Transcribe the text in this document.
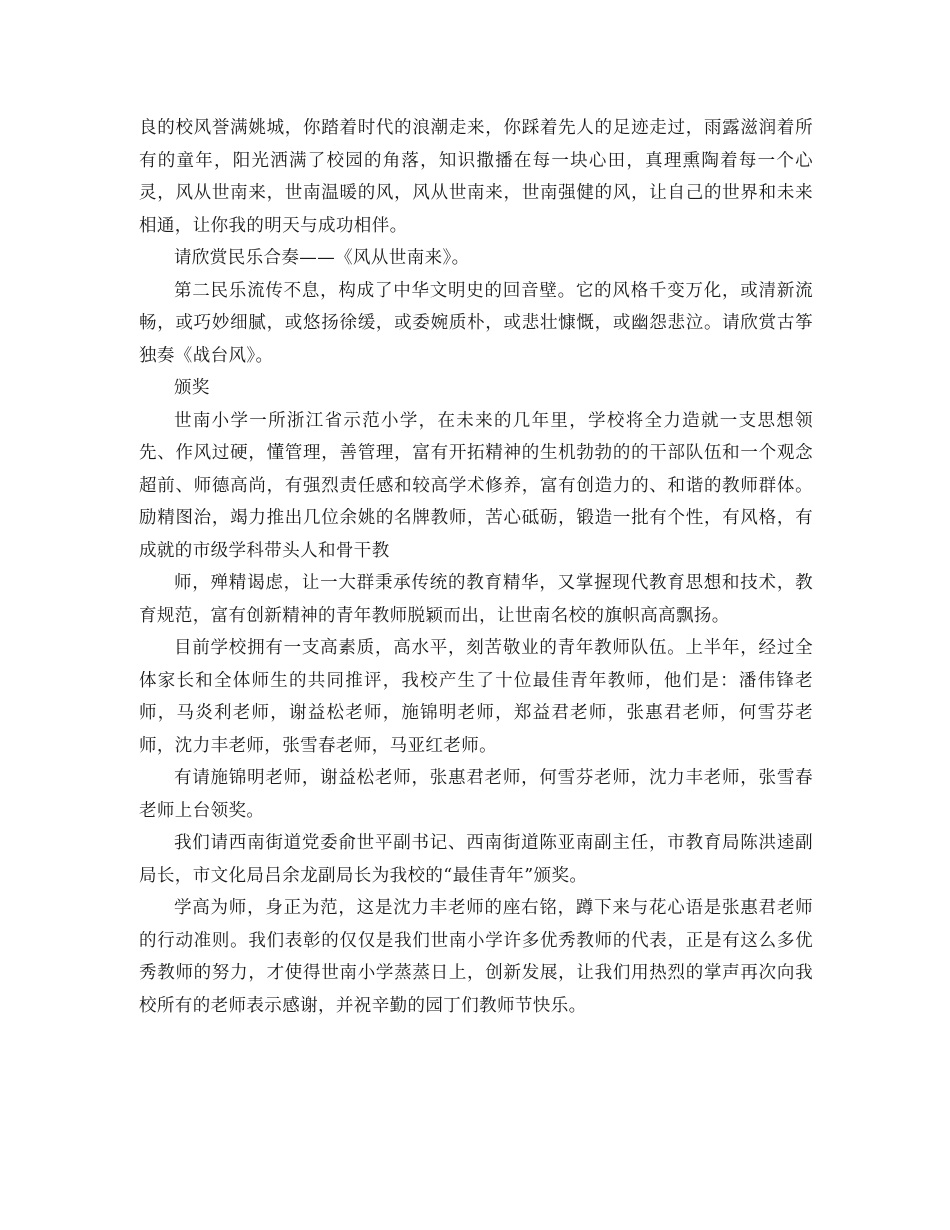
良的校风誉满姚城，你踏着时代的浪潮走来，你踩着先人的足迹走过，雨露滋润着所有的童年，阳光洒满了校园的角落，知识撒播在每一块心田，真理熏陶着每一个心灵，风从世南来，世南温暖的风，风从世南来，世南强健的风，让自己的世界和未来相通，让你我的明天与成功相伴。

请欣赏民乐合奏——《风从世南来》。

第二民乐流传不息，构成了中华文明史的回音壁。它的风格千变万化，或清新流畅，或巧妙细腻，或悠扬徐缓，或委婉质朴，或悲壮慷慨，或幽怨悲泣。请欣赏古筝独奏《战台风》。

颁奖

世南小学一所浙江省示范小学，在未来的几年里，学校将全力造就一支思想领先、作风过硬，懂管理，善管理，富有开拓精神的生机勃勃的的干部队伍和一个观念超前、师德高尚，有强烈责任感和较高学术修养，富有创造力的、和谐的教师群体。励精图治，竭力推出几位余姚的名牌教师，苦心砥砺，锻造一批有个性，有风格，有成就的市级学科带头人和骨干教

师，殚精谒虑，让一大群秉承传统的教育精华，又掌握现代教育思想和技术，教育规范，富有创新精神的青年教师脱颖而出，让世南名校的旗帜高高飘扬。

目前学校拥有一支高素质，高水平，刻苦敬业的青年教师队伍。上半年，经过全体家长和全体师生的共同推评，我校产生了十位最佳青年教师，他们是：潘伟锋老师，马炎利老师，谢益松老师，施锦明老师，郑益君老师，张惠君老师，何雪芬老师，沈力丰老师，张雪春老师，马亚红老师。

有请施锦明老师，谢益松老师，张惠君老师，何雪芬老师，沈力丰老师，张雪春老师上台领奖。

我们请西南街道党委俞世平副书记、西南街道陈亚南副主任，市教育局陈洪逵副局长，市文化局吕余龙副局长为我校的“最佳青年”颁奖。

学高为师，身正为范，这是沈力丰老师的座右铭，蹲下来与花心语是张惠君老师的行动准则。我们表彰的仅仅是我们世南小学许多优秀教师的代表，正是有这么多优秀教师的努力，才使得世南小学蒸蒸日上，创新发展，让我们用热烈的掌声再次向我校所有的老师表示感谢，并祝辛勤的园丁们教师节快乐。
